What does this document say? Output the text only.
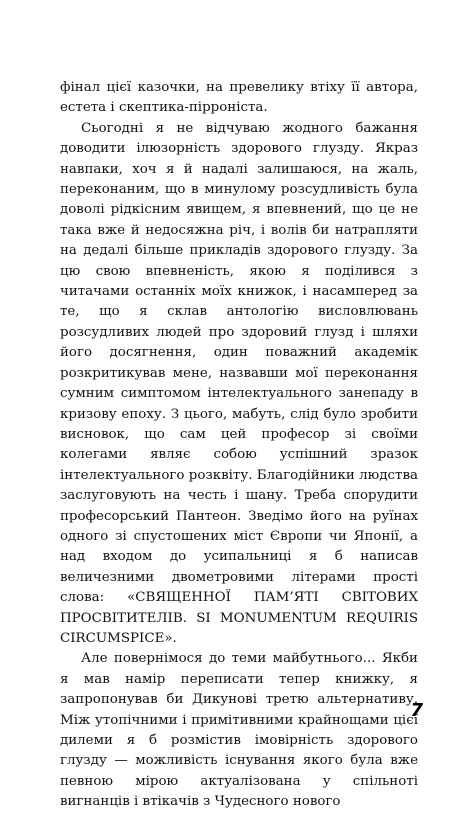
фінал цієї казочки, на превелику втіху її автора, естета і скептика-пірроніста.

Сьогодні я не відчуваю жодного бажання доводити ілюзорність здорового глузду. Якраз навпаки, хоч я й надалі залишаюся, на жаль, переконаним, що в минулому розсудливість була доволі рідкісним явищем, я впевнений, що це не така вже й недосяжна річ, і волів би натрапляти на дедалі більше прикладів здорового глузду. За цю свою впевненість, якою я поділився з читачами останніх моїх книжок, і насамперед за те, що я склав антологію висловлювань розсудливих людей про здоровий глузд і шляхи його досягнення, один поважний академік розкритикував мене, назвавши мої переконання сумним симптомом інтелектуального занепаду в кризову епоху. З цього, мабуть, слід було зробити висновок, що сам цей професор зі своїми колегами являє собою успішний зразок інтелектуального розквіту. Благодійники людства заслуговують на честь і шану. Треба спорудити професорський Пантеон. Зведімо його на руїнах одного зі спустошених міст Європи чи Японії, а над входом до усипальниці я б написав величезними двометровими літерами прості слова: «СВЯЩЕННОЇ ПАМ’ЯТІ СВІТОВИХ ПРОСВІТИТЕЛІВ. SI MONUMENTUM REQUIRIS CIRCUMSPICE».

Але повернімося до теми майбутнього... Якби я мав намір переписати тепер книжку, я запропонував би Дикунові третю альтернативу. Між утопічними і примітивними крайнощами цієї дилеми я б розмістив імовірність здорового глузду — можливість існування якого була вже певною мірою актуалізована у спільноті вигнанців і втікачів з Чудесного нового

7
